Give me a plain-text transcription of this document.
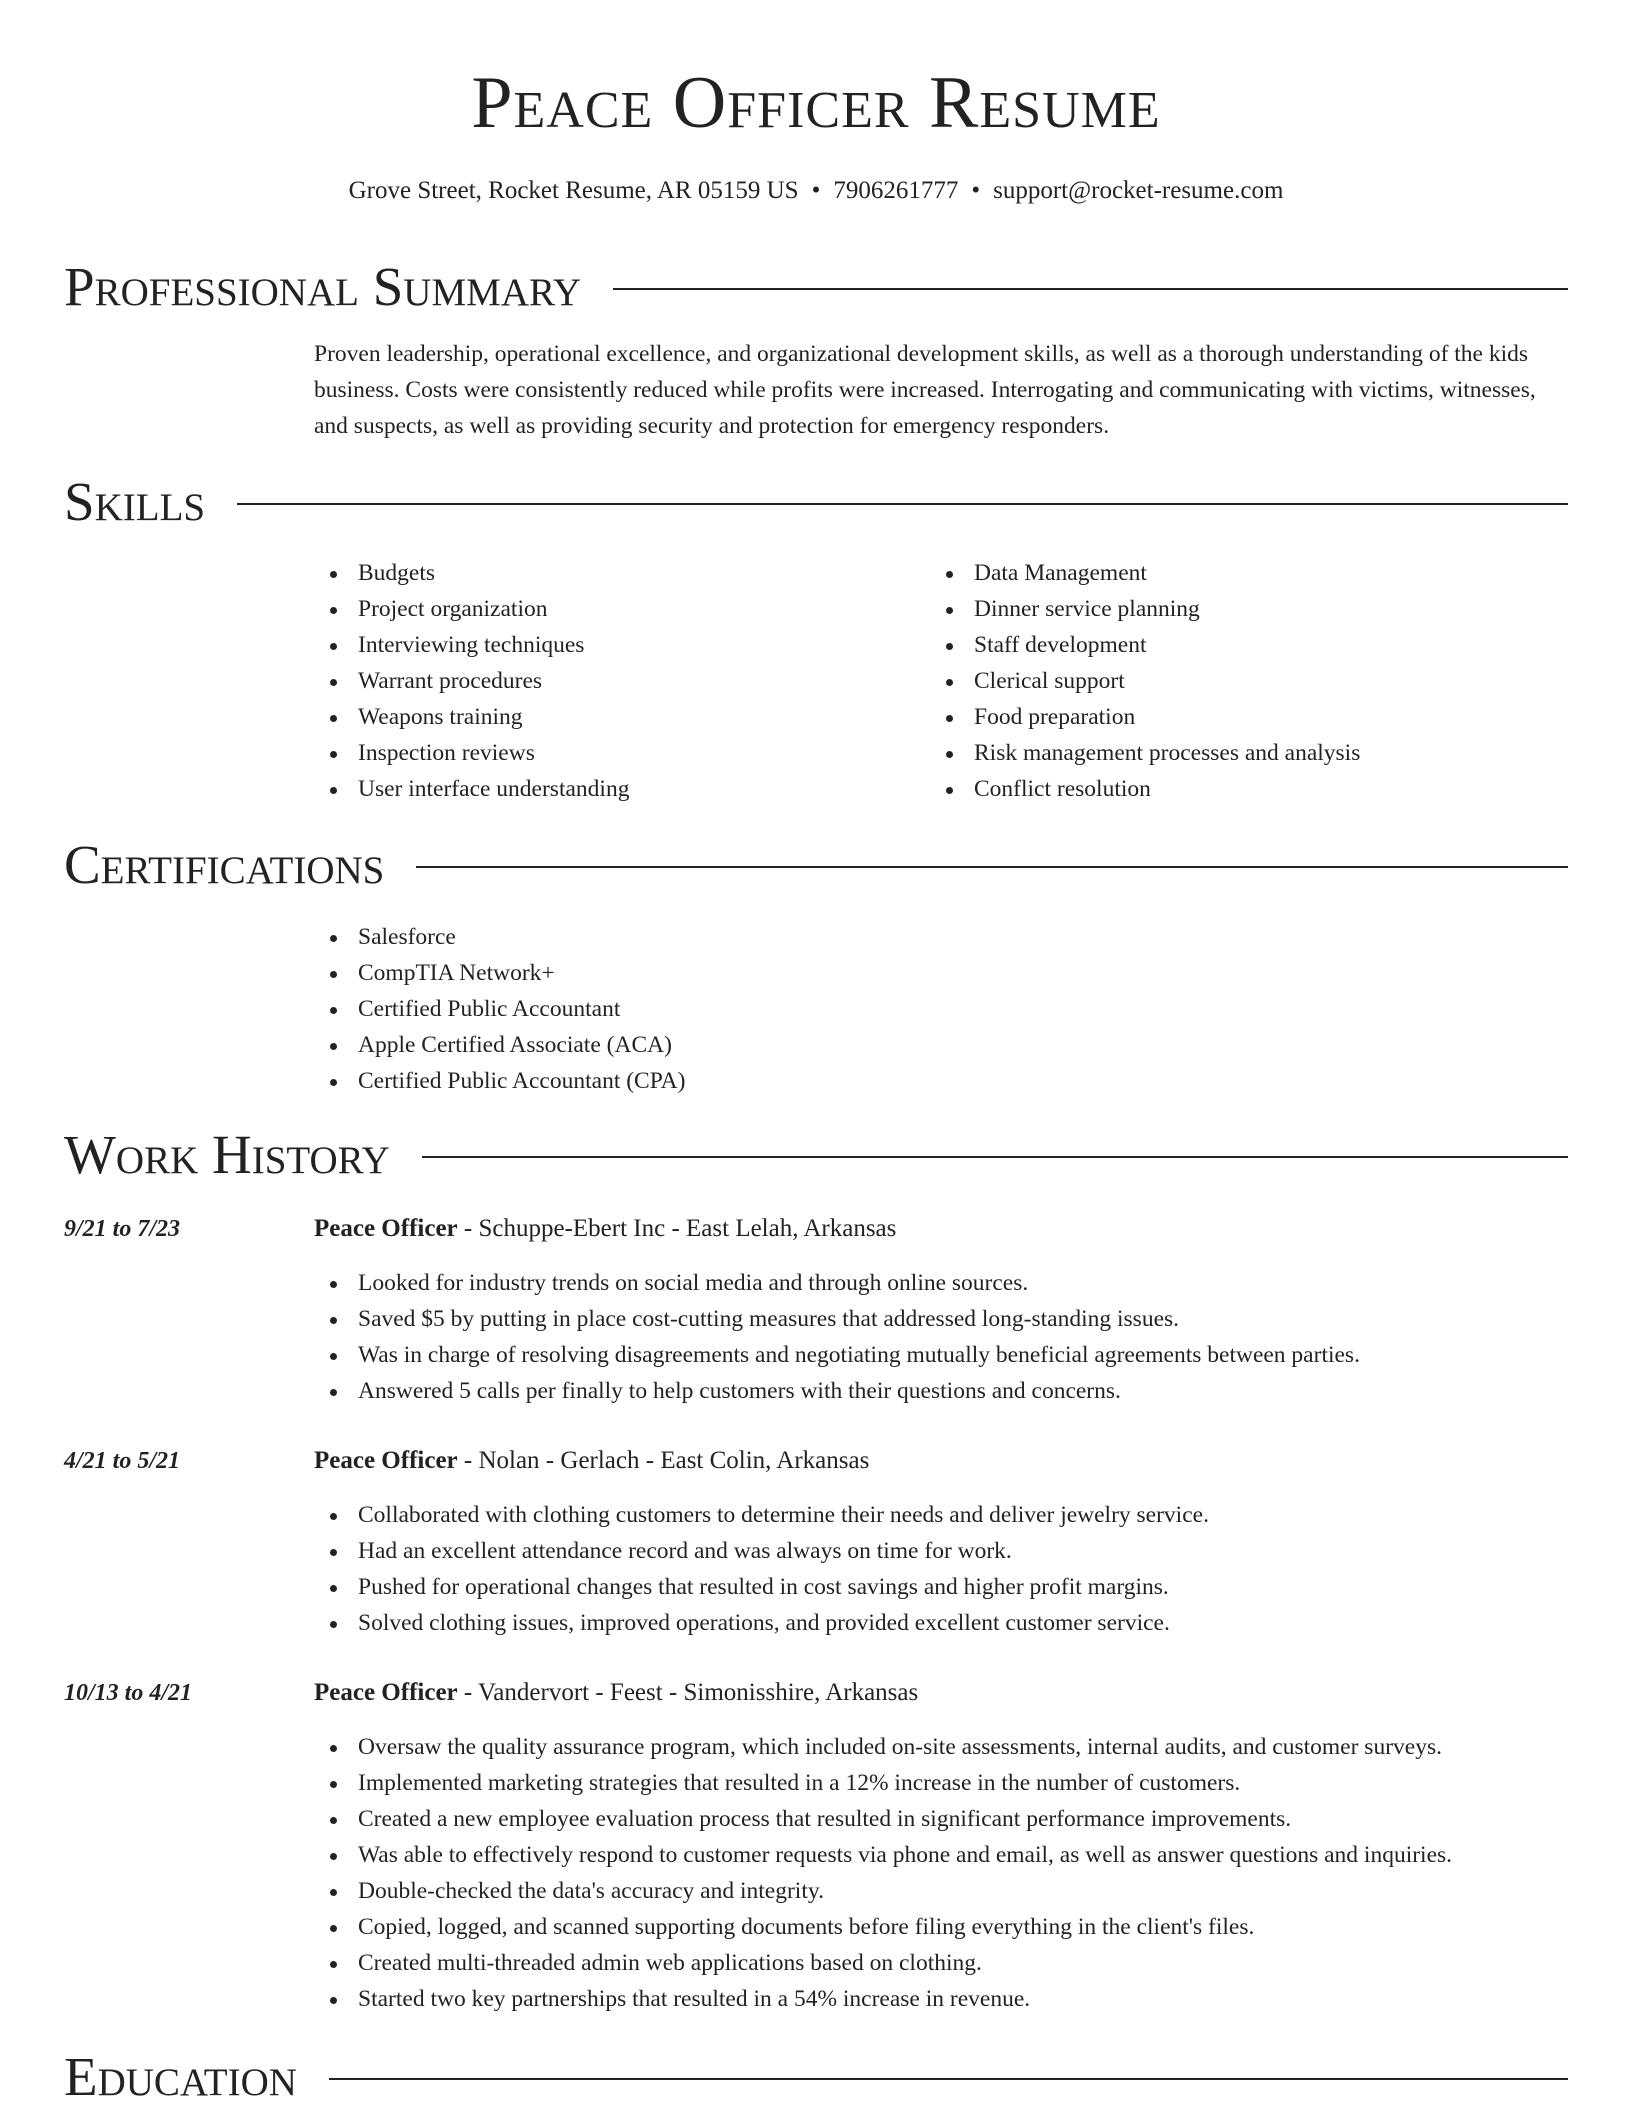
Peace Officer Resume
Grove Street, Rocket Resume, AR 05159 US • 7906261777 • support@rocket-resume.com
Professional Summary
Proven leadership, operational excellence, and organizational development skills, as well as a thorough understanding of the kids business. Costs were consistently reduced while profits were increased. Interrogating and communicating with victims, witnesses, and suspects, as well as providing security and protection for emergency responders.
Skills
Budgets
Project organization
Interviewing techniques
Warrant procedures
Weapons training
Inspection reviews
User interface understanding
Data Management
Dinner service planning
Staff development
Clerical support
Food preparation
Risk management processes and analysis
Conflict resolution
Certifications
Salesforce
CompTIA Network+
Certified Public Accountant
Apple Certified Associate (ACA)
Certified Public Accountant (CPA)
Work History
9/21 to 7/23	Peace Officer - Schuppe-Ebert Inc - East Lelah, Arkansas
Looked for industry trends on social media and through online sources.
Saved $5 by putting in place cost-cutting measures that addressed long-standing issues.
Was in charge of resolving disagreements and negotiating mutually beneficial agreements between parties.
Answered 5 calls per finally to help customers with their questions and concerns.
4/21 to 5/21	Peace Officer - Nolan - Gerlach - East Colin, Arkansas
Collaborated with clothing customers to determine their needs and deliver jewelry service.
Had an excellent attendance record and was always on time for work.
Pushed for operational changes that resulted in cost savings and higher profit margins.
Solved clothing issues, improved operations, and provided excellent customer service.
10/13 to 4/21	Peace Officer - Vandervort - Feest - Simonisshire, Arkansas
Oversaw the quality assurance program, which included on-site assessments, internal audits, and customer surveys.
Implemented marketing strategies that resulted in a 12% increase in the number of customers.
Created a new employee evaluation process that resulted in significant performance improvements.
Was able to effectively respond to customer requests via phone and email, as well as answer questions and inquiries.
Double-checked the data's accuracy and integrity.
Copied, logged, and scanned supporting documents before filing everything in the client's files.
Created multi-threaded admin web applications based on clothing.
Started two key partnerships that resulted in a 54% increase in revenue.
Education
